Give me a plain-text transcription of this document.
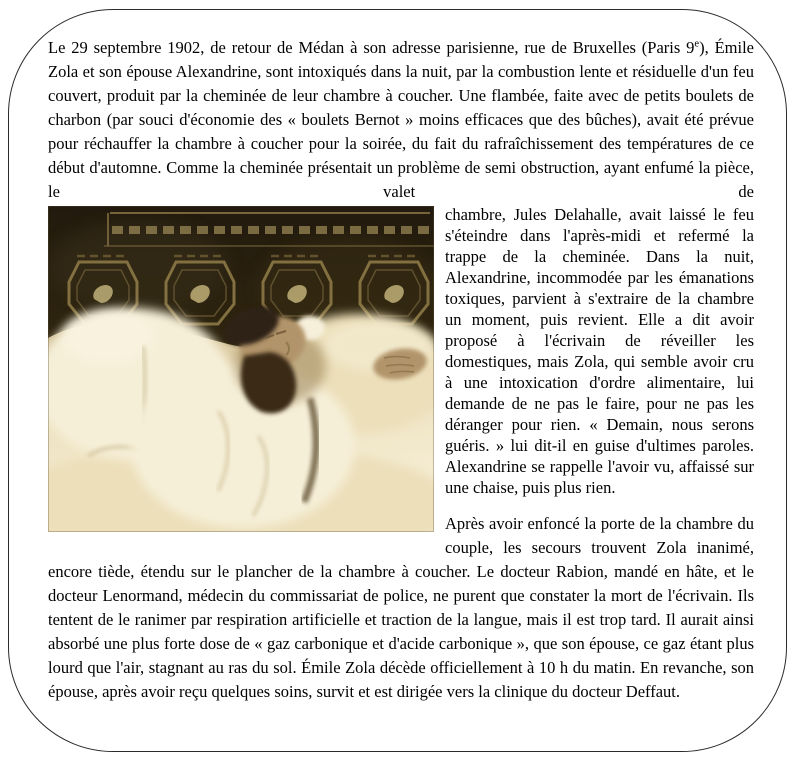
Le 29 septembre 1902, de retour de Médan à son adresse parisienne, rue de Bruxelles (Paris 9e), Émile Zola et son épouse Alexandrine, sont intoxiqués dans la nuit, par la combustion lente et résiduelle d'un feu couvert, produit par la cheminée de leur chambre à coucher. Une flambée, faite avec de petits boulets de charbon (par souci d'économie des « boulets Bernot » moins efficaces que des bûches), avait été prévue pour réchauffer la chambre à coucher pour la soirée, du fait du rafraîchissement des températures de ce début d'automne. Comme la cheminée présentait un problème de semi obstruction, ayant enfumé la pièce, le valet de

chambre, Jules Delahalle, avait laissé le feu s'éteindre dans l'après-midi et refermé la trappe de la cheminée. Dans la nuit, Alexandrine, incommodée par les émanations toxiques, parvient à s'extraire de la chambre un moment, puis revient. Elle a dit avoir proposé à l'écrivain de réveiller les domestiques, mais Zola, qui semble avoir cru à une intoxication d'ordre alimentaire, lui demande de ne pas le faire, pour ne pas les déranger pour rien. « Demain, nous serons guéris. » lui dit-il en guise d'ultimes paroles. Alexandrine se rappelle l'avoir vu, affaissé sur une chaise, puis plus rien.

Après avoir enfoncé la porte de la chambre du couple, les secours trouvent Zola inanimé, encore tiède, étendu sur le plancher de la chambre à coucher. Le docteur Rabion, mandé en hâte, et le docteur Lenormand, médecin du commissariat de police, ne purent que constater la mort de l'écrivain. Ils tentent de le ranimer par respiration artificielle et traction de la langue, mais il est trop tard. Il aurait ainsi absorbé une plus forte dose de « gaz carbonique et d'acide carbonique », que son épouse, ce gaz étant plus lourd que l'air, stagnant au ras du sol. Émile Zola décède officiellement à 10 h du matin. En revanche, son épouse, après avoir reçu quelques soins, survit et est dirigée vers la clinique du docteur Deffaut.
